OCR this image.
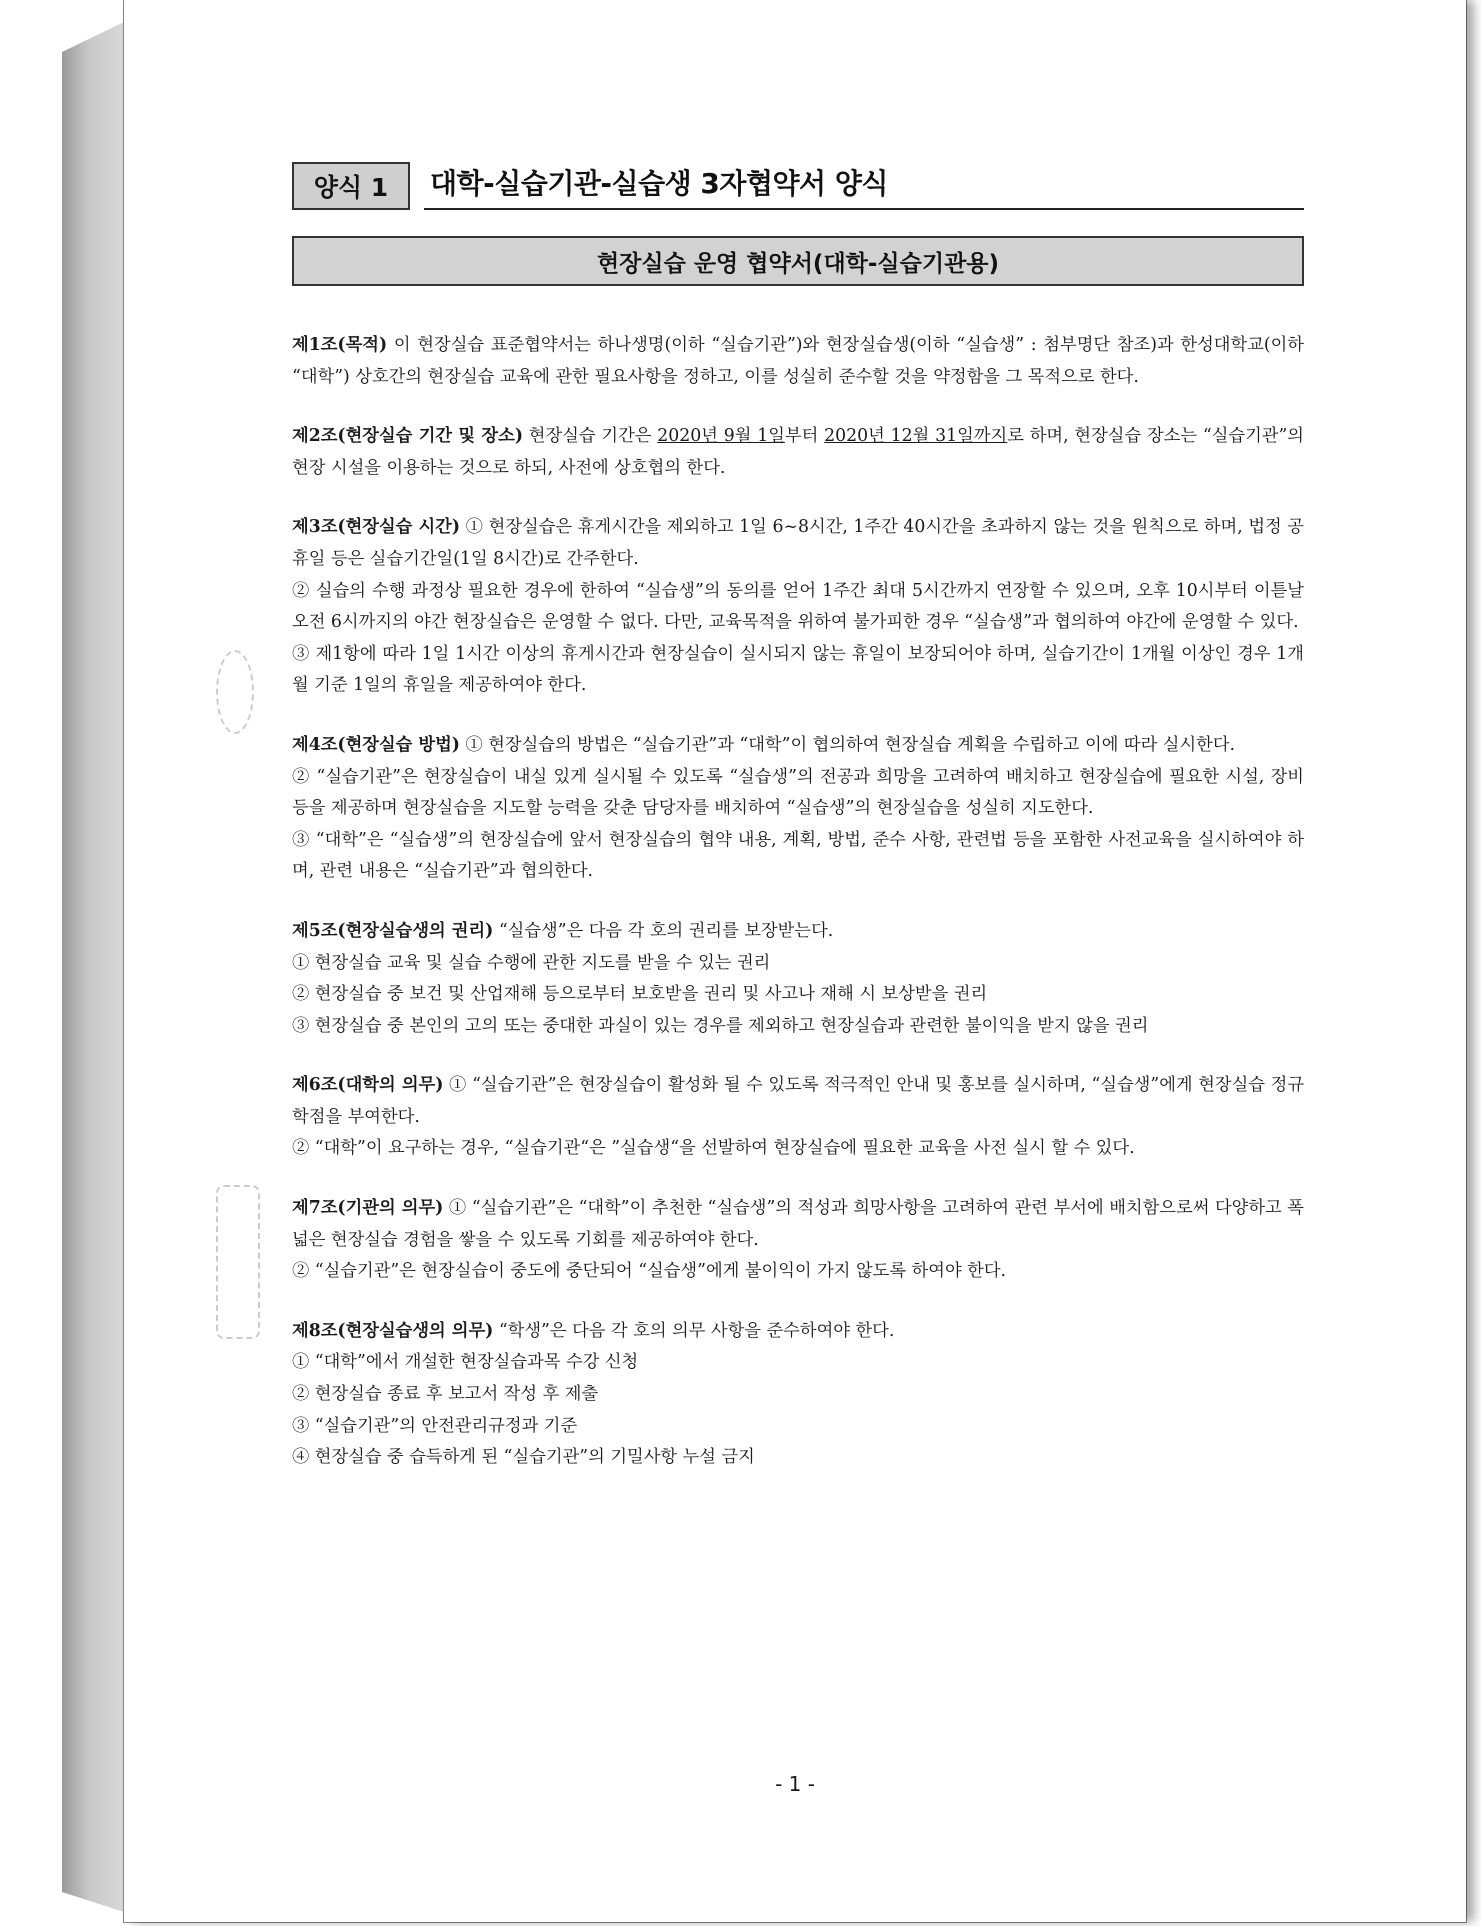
양식 1	대학-실습기관-실습생 3자협약서 양식
현장실습 운영 협약서(대학-실습기관용)

제1조(목적) 이 현장실습 표준협약서는 하나생명(이하 “실습기관”)와 현장실습생(이하 “실습생” : 첨부명단 참조)과 한성대학교(이하 “대학”) 상호간의 현장실습 교육에 관한 필요사항을 정하고, 이를 성실히 준수할 것을 약정함을 그 목적으로 한다.

제2조(현장실습 기간 및 장소) 현장실습 기간은 2020년 9월 1일부터 2020년 12월 31일까지로 하며, 현장실습 장소는 “실습기관”의 현장 시설을 이용하는 것으로 하되, 사전에 상호협의 한다.

제3조(현장실습 시간) ① 현장실습은 휴게시간을 제외하고 1일 6~8시간, 1주간 40시간을 초과하지 않는 것을 원칙으로 하며, 법정 공휴일 등은 실습기간일(1일 8시간)로 간주한다.

② 실습의 수행 과정상 필요한 경우에 한하여 “실습생”의 동의를 얻어 1주간 최대 5시간까지 연장할 수 있으며, 오후 10시부터 이튿날 오전 6시까지의 야간 현장실습은 운영할 수 없다. 다만, 교육목적을 위하여 불가피한 경우 “실습생”과 협의하여 야간에 운영할 수 있다.

③ 제1항에 따라 1일 1시간 이상의 휴게시간과 현장실습이 실시되지 않는 휴일이 보장되어야 하며, 실습기간이 1개월 이상인 경우 1개월 기준 1일의 휴일을 제공하여야 한다.

제4조(현장실습 방법) ① 현장실습의 방법은 “실습기관”과 “대학”이 협의하여 현장실습 계획을 수립하고 이에 따라 실시한다.

② “실습기관”은 현장실습이 내실 있게 실시될 수 있도록 “실습생”의 전공과 희망을 고려하여 배치하고 현장실습에 필요한 시설, 장비 등을 제공하며 현장실습을 지도할 능력을 갖춘 담당자를 배치하여 “실습생”의 현장실습을 성실히 지도한다.

③ “대학”은 “실습생”의 현장실습에 앞서 현장실습의 협약 내용, 계획, 방법, 준수 사항, 관련법 등을 포함한 사전교육을 실시하여야 하며, 관련 내용은 “실습기관”과 협의한다.

제5조(현장실습생의 권리) “실습생”은 다음 각 호의 권리를 보장받는다.

① 현장실습 교육 및 실습 수행에 관한 지도를 받을 수 있는 권리

② 현장실습 중 보건 및 산업재해 등으로부터 보호받을 권리 및 사고나 재해 시 보상받을 권리

③ 현장실습 중 본인의 고의 또는 중대한 과실이 있는 경우를 제외하고 현장실습과 관련한 불이익을 받지 않을 권리

제6조(대학의 의무) ① “실습기관”은 현장실습이 활성화 될 수 있도록 적극적인 안내 및 홍보를 실시하며, “실습생”에게 현장실습 정규학점을 부여한다.

② “대학”이 요구하는 경우, “실습기관“은 ”실습생“을 선발하여 현장실습에 필요한 교육을 사전 실시 할 수 있다.

제7조(기관의 의무) ① “실습기관”은 “대학”이 추천한 “실습생”의 적성과 희망사항을 고려하여 관련 부서에 배치함으로써 다양하고 폭넓은 현장실습 경험을 쌓을 수 있도록 기회를 제공하여야 한다.

② “실습기관”은 현장실습이 중도에 중단되어 “실습생”에게 불이익이 가지 않도록 하여야 한다.

제8조(현장실습생의 의무) “학생”은 다음 각 호의 의무 사항을 준수하여야 한다.

① “대학”에서 개설한 현장실습과목 수강 신청

② 현장실습 종료 후 보고서 작성 후 제출

③ “실습기관”의 안전관리규정과 기준

④ 현장실습 중 습득하게 된 “실습기관”의 기밀사항 누설 금지

- 1 -
